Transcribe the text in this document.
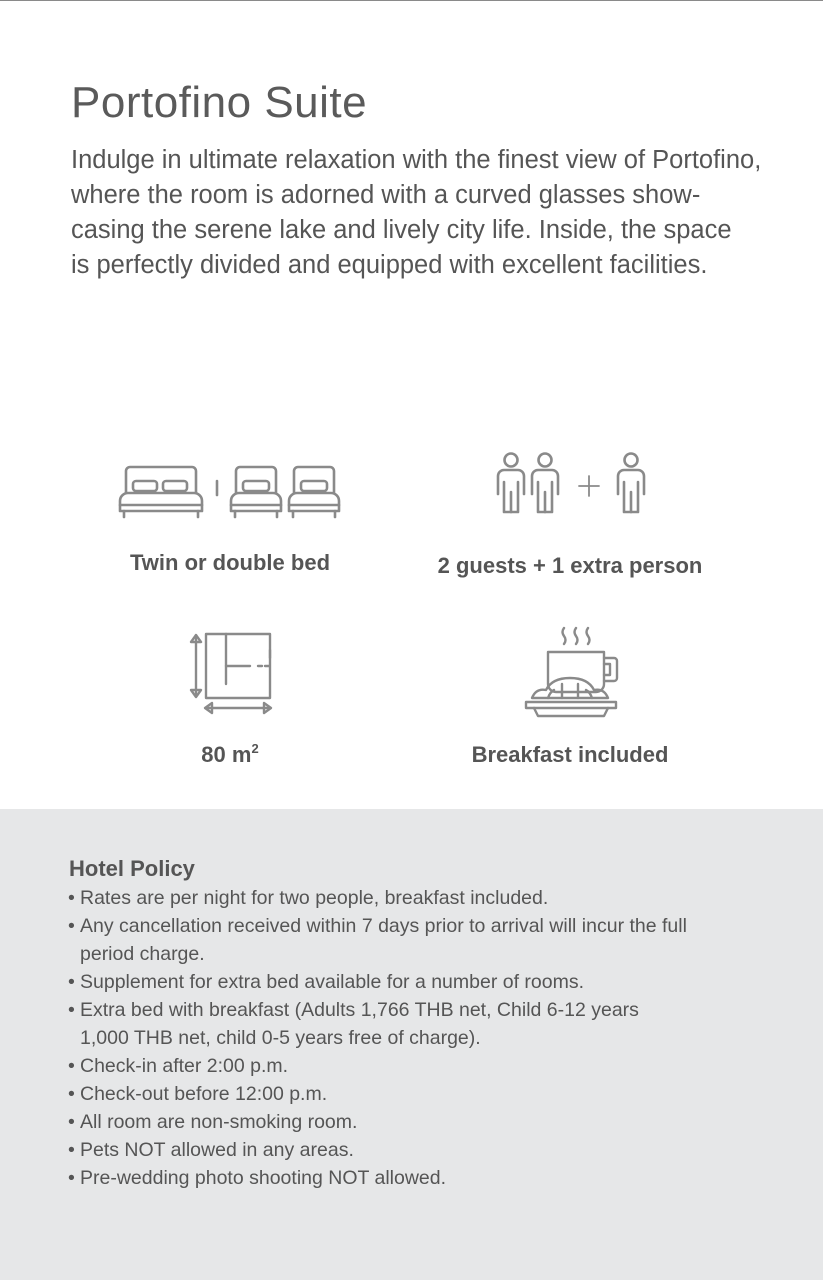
Portofino Suite

Indulge in ultimate relaxation with the finest view of Portofino,
where the room is adorned with a curved glasses show-
casing the serene lake and lively city life. Inside, the space
is perfectly divided and equipped with excellent facilities.

Twin or double bed	2 guests + 1 extra person
80 $m^2$	Breakfast included
Hotel Policy
• Rates are per night for two people, breakfast included.
• Any cancellation received within 7 days prior to arrival will incur the full
period charge.
• Supplement for extra bed available for a number of rooms.
• Extra bed with breakfast (Adults 1,766 THB net, Child 6-12 years
1,000 THB net, child 0-5 years free of charge).
• Check-in after 2:00 p.m.
• Check-out before 12:00 p.m.
• All room are non-smoking room.
• Pets NOT allowed in any areas.
• Pre-wedding photo shooting NOT allowed.
